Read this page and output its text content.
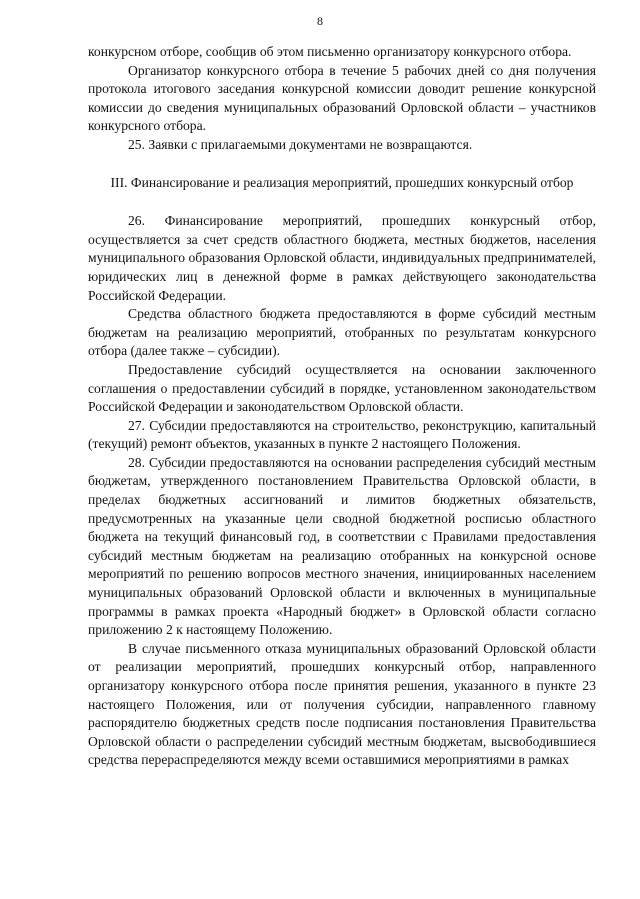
8

конкурсном отборе, сообщив об этом письменно организатору конкурсного отбора.

Организатор конкурсного отбора в течение 5 рабочих дней со дня получения протокола итогового заседания конкурсной комиссии доводит решение конкурсной комиссии до сведения муниципальных образований Орловской области – участников конкурсного отбора.

25. Заявки с прилагаемыми документами не возвращаются.

III. Финансирование и реализация мероприятий, прошедших конкурсный отбор

26. Финансирование мероприятий, прошедших конкурсный отбор, осуществляется за счет средств областного бюджета, местных бюджетов, населения муниципального образования Орловской области, индивидуальных предпринимателей, юридических лиц в денежной форме в рамках действующего законодательства Российской Федерации.

Средства областного бюджета предоставляются в форме субсидий местным бюджетам на реализацию мероприятий, отобранных по результатам конкурсного отбора (далее также – субсидии).

Предоставление субсидий осуществляется на основании заключенного соглашения о предоставлении субсидий в порядке, установленном законодательством Российской Федерации и законодательством Орловской области.

27. Субсидии предоставляются на строительство, реконструкцию, капитальный (текущий) ремонт объектов, указанных в пункте 2 настоящего Положения.

28. Субсидии предоставляются на основании распределения субсидий местным бюджетам, утвержденного постановлением Правительства Орловской области, в пределах бюджетных ассигнований и лимитов бюджетных обязательств, предусмотренных на указанные цели сводной бюджетной росписью областного бюджета на текущий финансовый год, в соответствии с Правилами предоставления субсидий местным бюджетам на реализацию отобранных на конкурсной основе мероприятий по решению вопросов местного значения, инициированных населением муниципальных образований Орловской области и включенных в муниципальные программы в рамках проекта «Народный бюджет» в Орловской области согласно приложению 2 к настоящему Положению.

В случае письменного отказа муниципальных образований Орловской области от реализации мероприятий, прошедших конкурсный отбор, направленного организатору конкурсного отбора после принятия решения, указанного в пункте 23 настоящего Положения, или от получения субсидии, направленного главному распорядителю бюджетных средств после подписания постановления Правительства Орловской области о распределении субсидий местным бюджетам, высвободившиеся средства перераспределяются между всеми оставшимися мероприятиями в рамках
